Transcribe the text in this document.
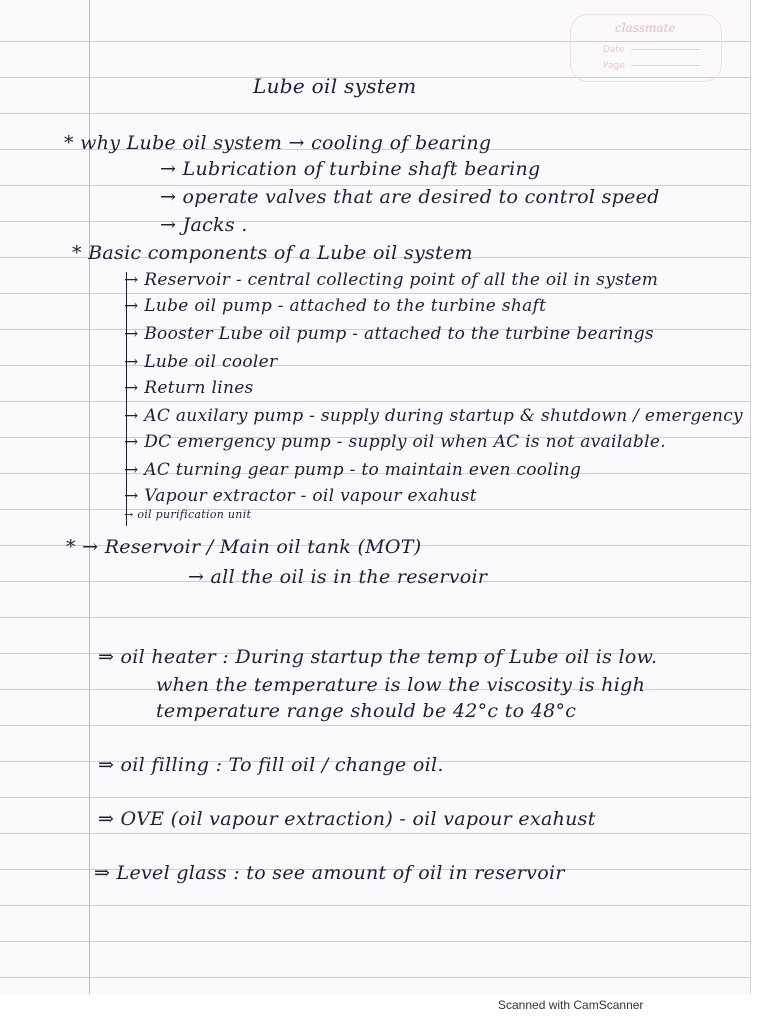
classmate
Date
Page
Lube oil system
* why Lube oil system → cooling of bearing
→ Lubrication of turbine shaft bearing
→ operate valves that are desired to control speed
→ Jacks .
* Basic components of a Lube oil system
→ Reservoir - central collecting point of all the oil in system
→ Lube oil pump - attached to the turbine shaft
→ Booster Lube oil pump - attached to the turbine bearings
→ Lube oil cooler
→ Return lines
→ AC auxilary pump - supply during startup & shutdown / emergency
→ DC emergency pump - supply oil when AC is not available.
→ AC turning gear pump - to maintain even cooling
→ Vapour extractor - oil vapour exahust
→ oil purification unit
* → Reservoir / Main oil tank (MOT)
→ all the oil is in the reservoir
⇒ oil heater : During startup the temp of Lube oil is low.
when the temperature is low the viscosity is high
temperature range should be 42°c to 48°c
⇒ oil filling : To fill oil / change oil.
⇒ OVE (oil vapour extraction) - oil vapour exahust
⇒ Level glass : to see amount of oil in reservoir
Scanned with CamScanner
